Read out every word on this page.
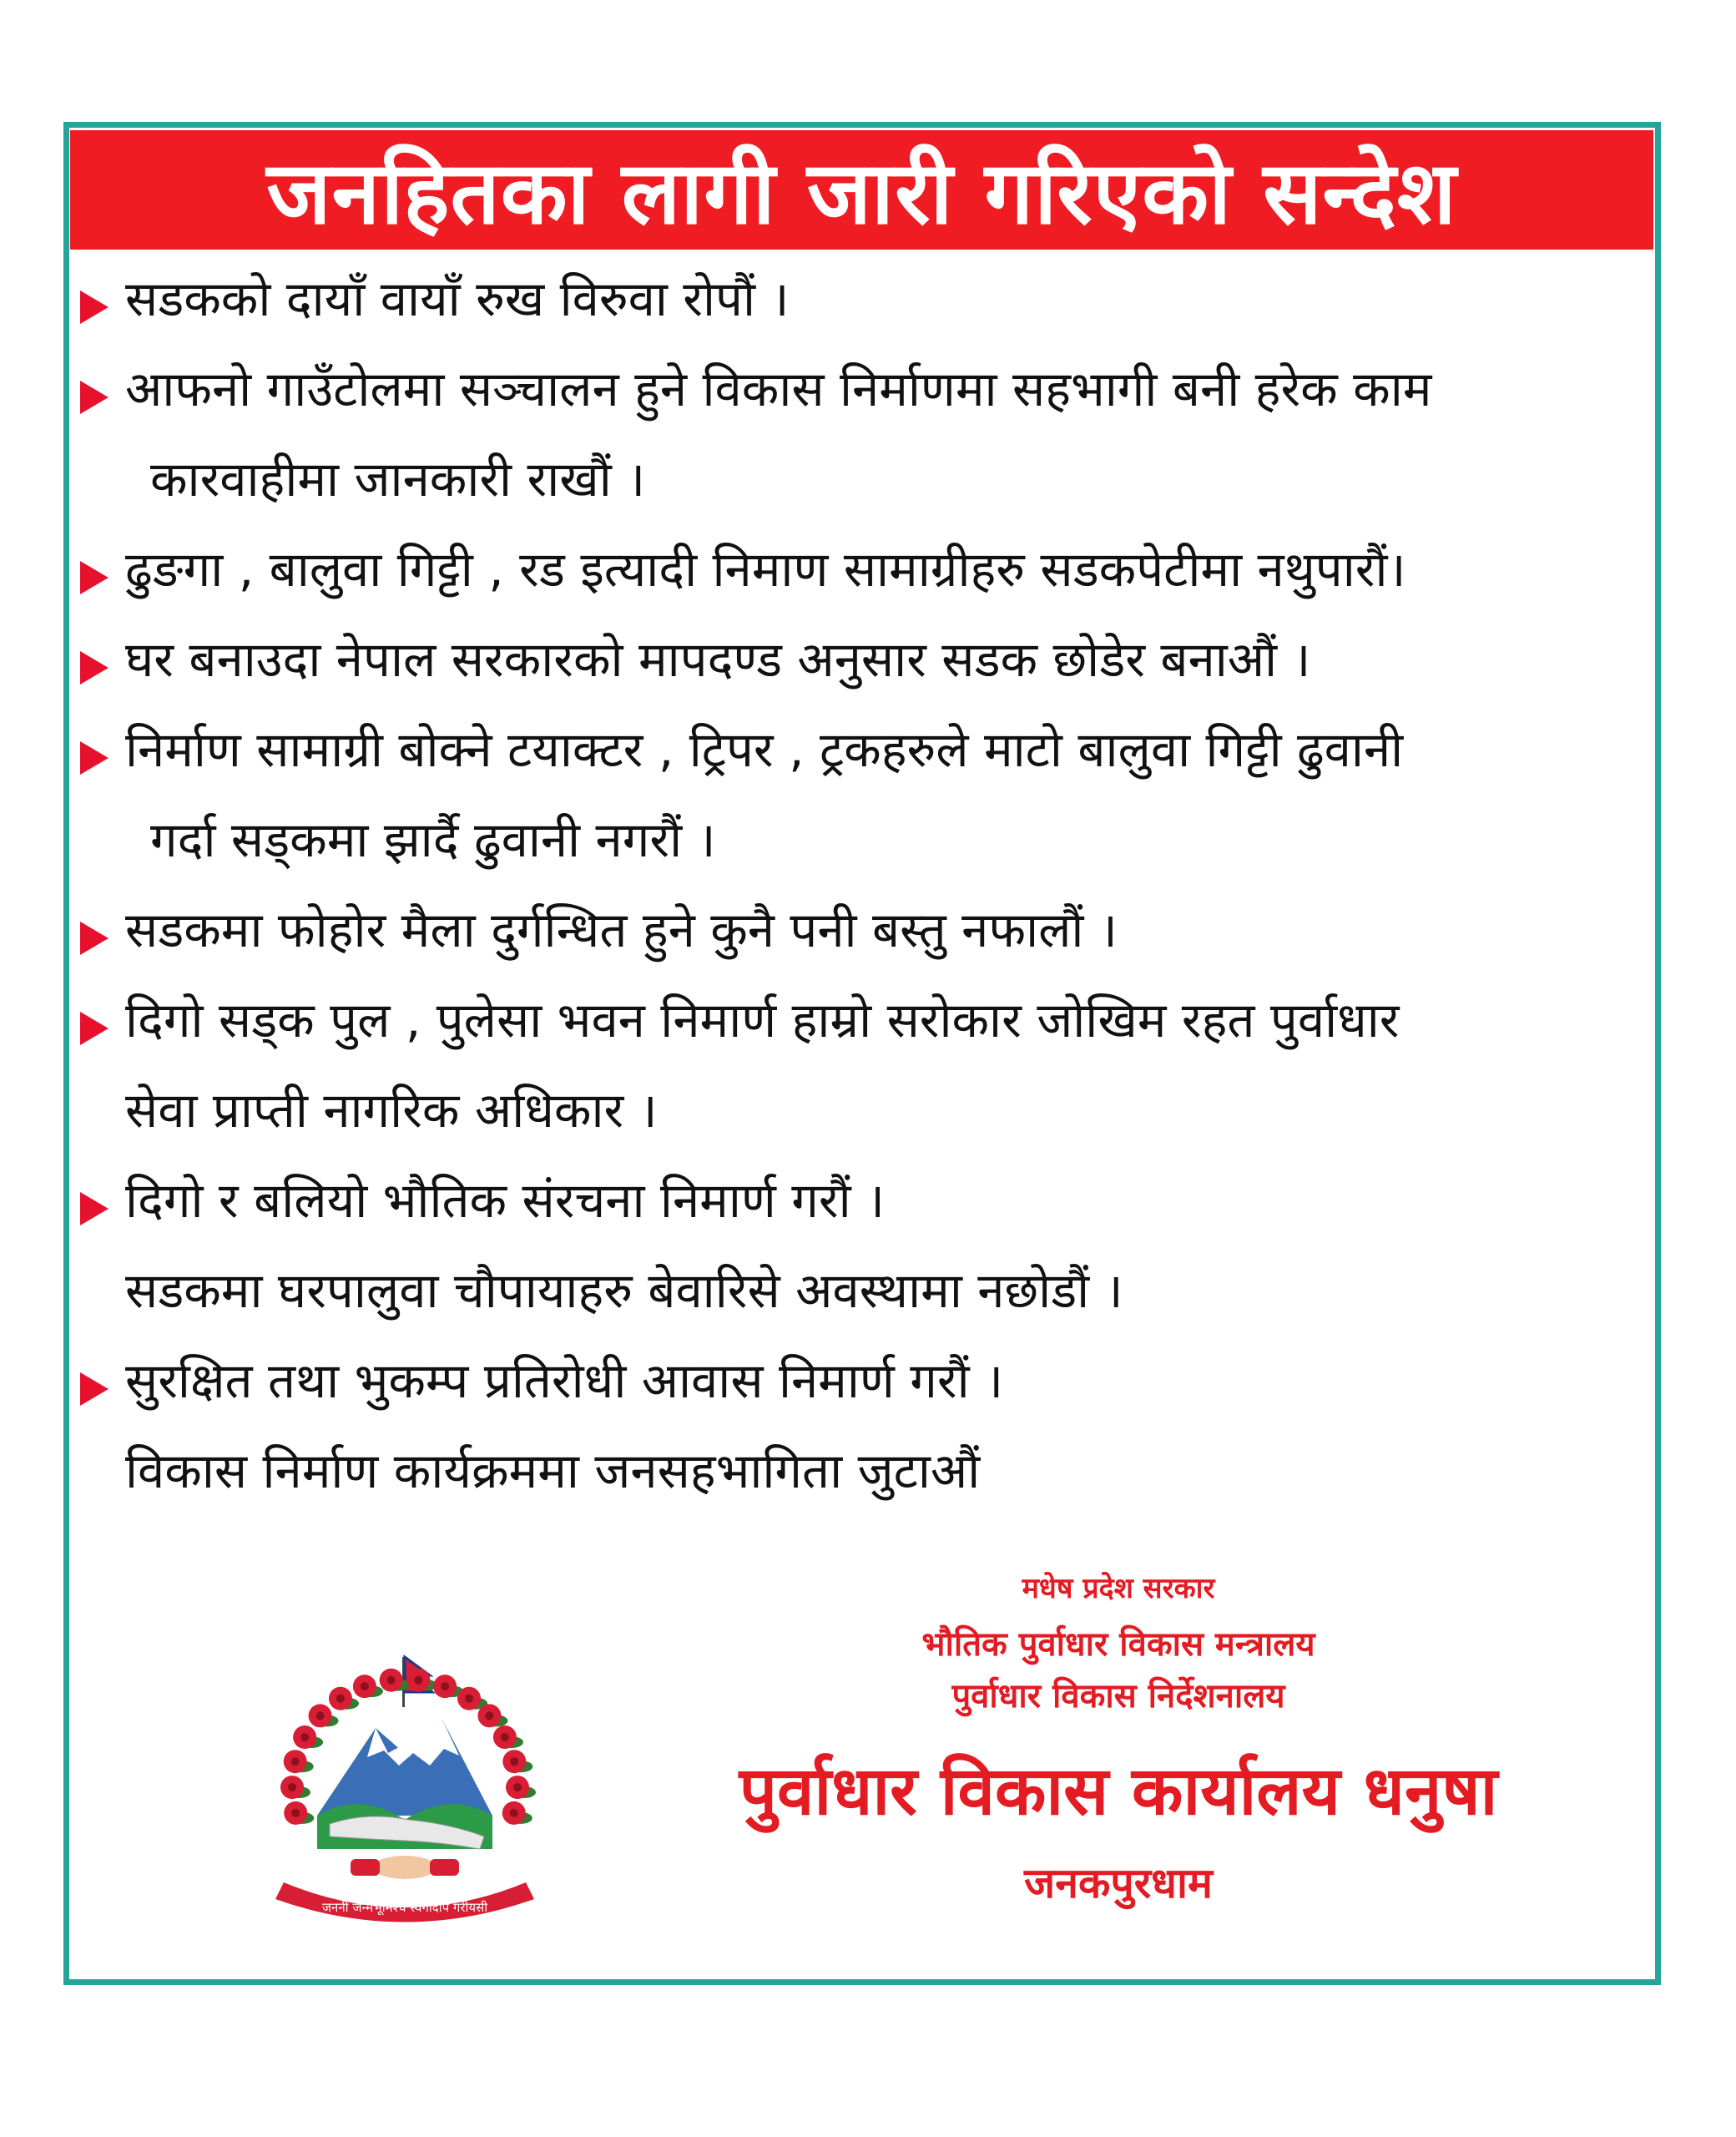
जनहितका लागी जारी गरिएको सन्देश
सडकको दायाँ वायाँ रुख विरुवा रोपौं ।
आफनो गाउँटोलमा सञ्चालन हुने विकास निर्माणमा सहभागी बनी हरेक काम
कारवाहीमा जानकारी राखौं ।
ढुङगा , बालुवा गिट्टी , रड इत्यादी निमाण सामाग्रीहरु सडकपेटीमा नथुपारौं।
घर बनाउदा नेपाल सरकारको मापदण्ड अनुसार सडक छोडेर बनाऔं ।
निर्माण सामाग्री बोक्ने टयाक्टर , ट्रिपर , ट्रकहरुले माटो बालुवा गिट्टी ढुवानी
गर्दा सड्कमा झार्दै ढुवानी नगरौं ।
सडकमा फोहोर मैला दुर्गन्धित हुने कुनै पनी बस्तु नफालौं ।
दिगो सड्क पुल , पुलेसा भवन निमार्ण हाम्रो सरोकार जोखिम रहत पुर्वाधार
सेवा प्राप्ती नागरिक अधिकार ।
दिगो र बलियो भौतिक संरचना निमार्ण गरौं ।
सडकमा घरपालुवा चौपायाहरु बेवारिसे अवस्थामा नछोडौं ।
सुरक्षित तथा भुकम्प प्रतिरोधी आवास निमार्ण गरौं ।
विकास निर्माण कार्यक्रममा जनसहभागिता जुटाऔं
जननी जन्मभूमिश्च स्वर्गादपि गरीयसी
मधेष प्रदेश सरकार
भौतिक पुर्वाधार विकास मन्त्रालय
पुर्वाधार विकास निर्देशनालय
पुर्वाधार विकास कार्यालय धनुषा
जनकपुरधाम
